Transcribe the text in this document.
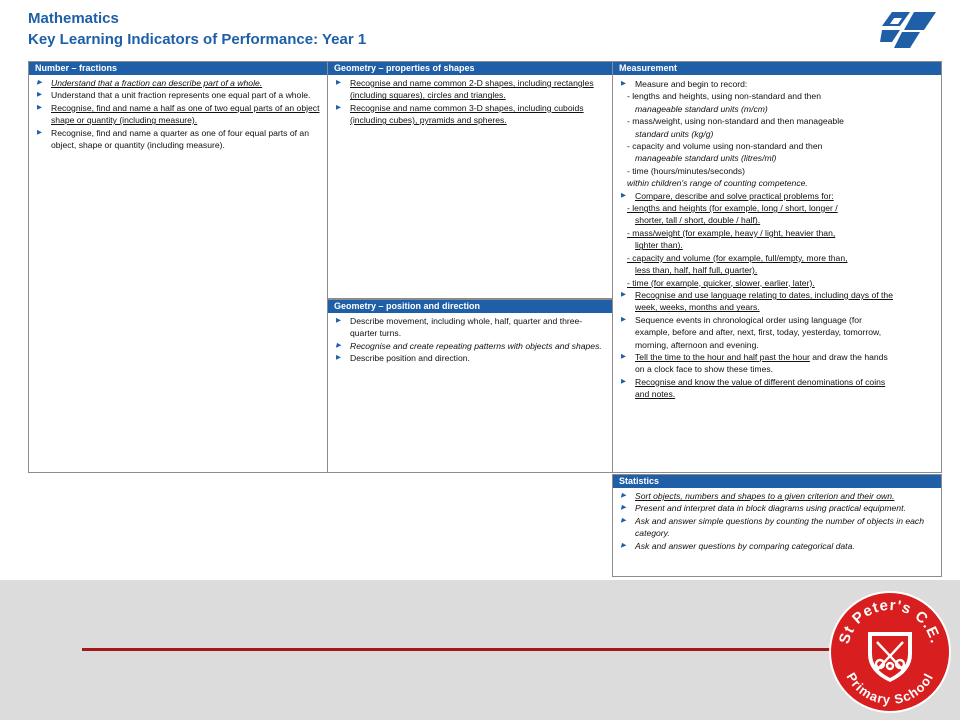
Mathematics
Key Learning Indicators of Performance: Year 1
Number – fractions
▶ Understand that a fraction can describe part of a whole.
▶ Understand that a unit fraction represents one equal part of a whole.
▶ Recognise, find and name a half as one of two equal parts of an object shape or quantity (including measure).
▶ Recognise, find and name a quarter as one of four equal parts of an object, shape or quantity (including measure).
Geometry – properties of shapes
▶ Recognise and name common 2-D shapes, including rectangles (including squares), circles and triangles.
▶ Recognise and name common 3-D shapes, including cuboids (including cubes), pyramids and spheres.
Geometry – position and direction
▶ Describe movement, including whole, half, quarter and three-quarter turns.
▶ Recognise and create repeating patterns with objects and shapes.
▶ Describe position and direction.
Measurement
▶ Measure and begin to record:
- lengths and heights, using non-standard and then
manageable standard units (m/cm)
- mass/weight, using non-standard and then manageable
standard units (kg/g)
- capacity and volume using non-standard and then
manageable standard units (litres/ml)
- time (hours/minutes/seconds)
within children's range of counting competence.
▶ Compare, describe and solve practical problems for:
- lengths and heights (for example, long / short, longer /
shorter, tall / short, double / half).
- mass/weight (for example, heavy / light, heavier than,
lighter than).
- capacity and volume (for example, full/empty, more than,
less than, half, half full, quarter).
- time (for example, quicker, slower, earlier, later).
▶ Recognise and use language relating to dates, including days of the
week, weeks, months and years.
▶ Sequence events in chronological order using language (for
example, before and after, next, first, today, yesterday, tomorrow,
morning, afternoon and evening.
▶ Tell the time to the hour and half past the hour and draw the hands
on a clock face to show these times.
▶ Recognise and know the value of different denominations of coins
and notes.
Statistics
▶ Sort objects, numbers and shapes to a given criterion and their own.
▶ Present and interpret data in block diagrams using practical equipment.
▶ Ask and answer simple questions by counting the number of objects in each category.
▶ Ask and answer questions by comparing categorical data.
St Peter's C.E.
Primary School
